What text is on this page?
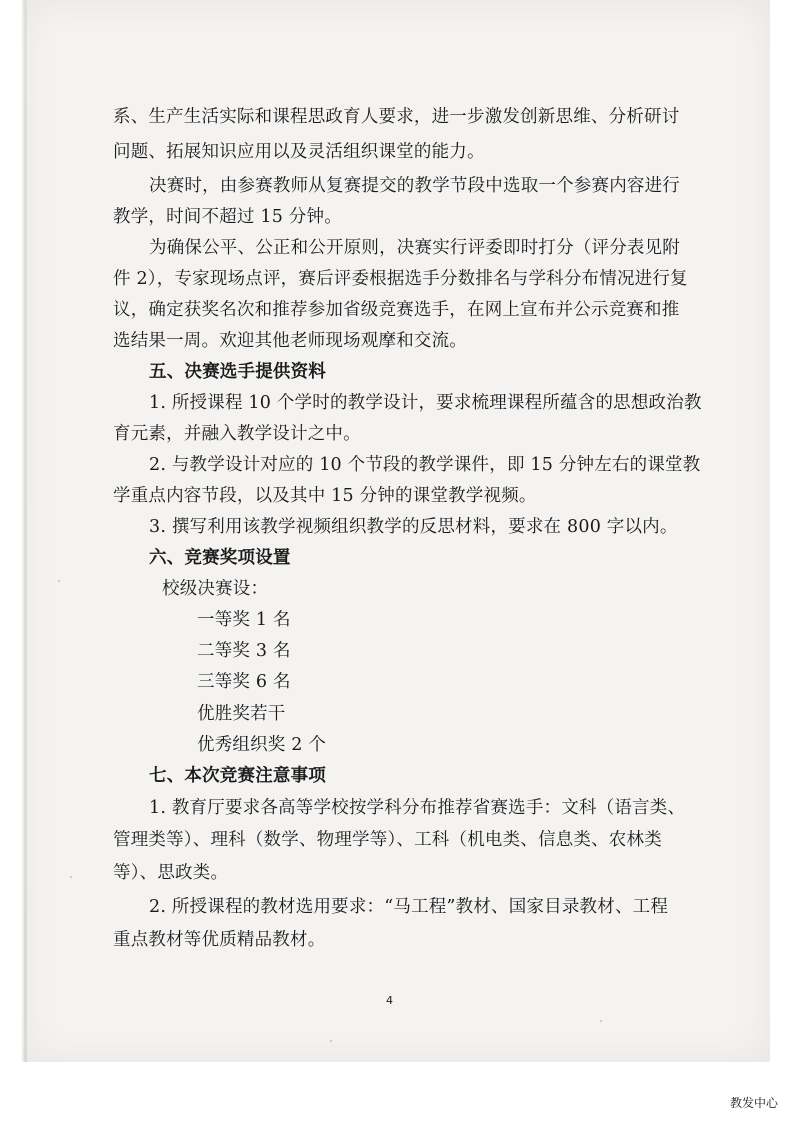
系、生产生活实际和课程思政育人要求，进一步激发创新思维、分析研讨
问题、拓展知识应用以及灵活组织课堂的能力。
决赛时，由参赛教师从复赛提交的教学节段中选取一个参赛内容进行
教学，时间不超过 15 分钟。
为确保公平、公正和公开原则，决赛实行评委即时打分（评分表见附
件 2），专家现场点评，赛后评委根据选手分数排名与学科分布情况进行复
议，确定获奖名次和推荐参加省级竞赛选手，在网上宣布并公示竞赛和推
选结果一周。欢迎其他老师现场观摩和交流。
五、决赛选手提供资料
1. 所授课程 10 个学时的教学设计，要求梳理课程所蕴含的思想政治教
育元素，并融入教学设计之中。
2. 与教学设计对应的 10 个节段的教学课件，即 15 分钟左右的课堂教
学重点内容节段，以及其中 15 分钟的课堂教学视频。
3. 撰写利用该教学视频组织教学的反思材料，要求在 800 字以内。
六、竞赛奖项设置
校级决赛设：
一等奖 1 名
二等奖 3 名
三等奖 6 名
优胜奖若干
优秀组织奖 2 个
七、本次竞赛注意事项
1. 教育厅要求各高等学校按学科分布推荐省赛选手：文科（语言类、
管理类等）、理科（数学、物理学等）、工科（机电类、信息类、农林类
等）、思政类。
2. 所授课程的教材选用要求：“马工程”教材、国家目录教材、工程
重点教材等优质精品教材。
4
教发中心
